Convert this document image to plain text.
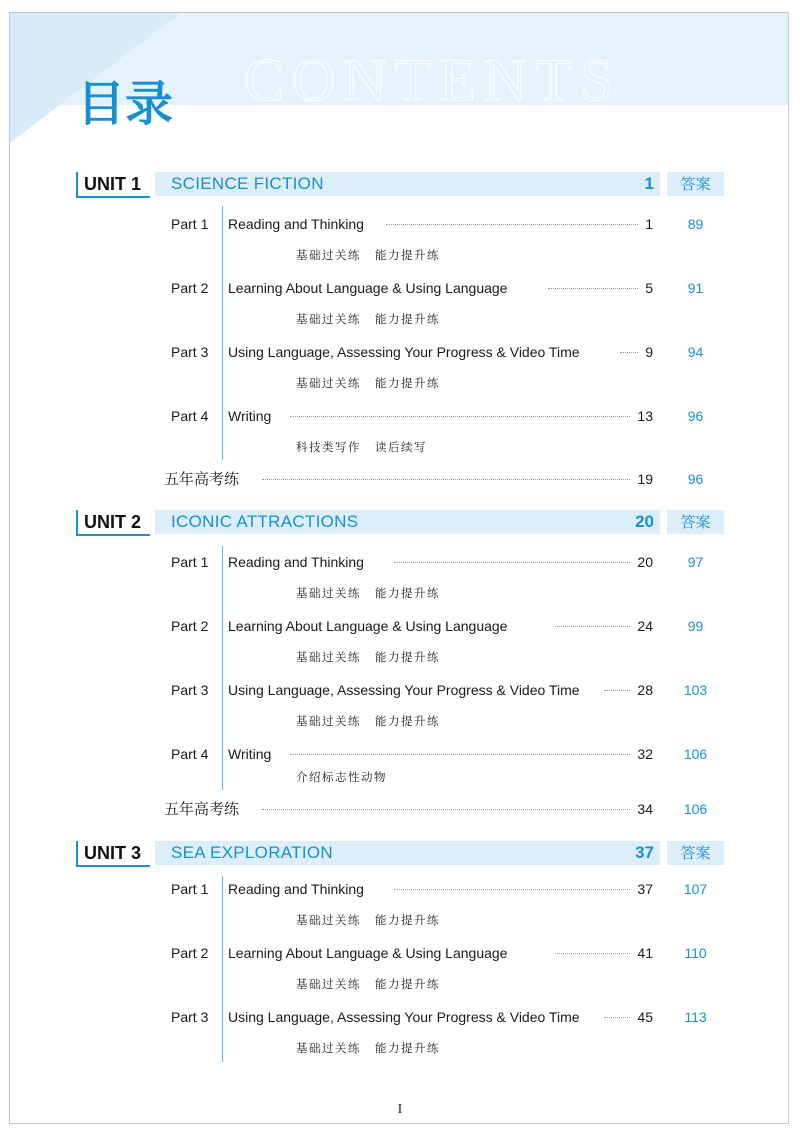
CONTENTS
目录
UNIT 1 SCIENCE FICTION	1	答案
Part 1 Reading and Thinking	1	89
基础过关练 能力提升练
Part 2 Learning About Language & Using Language	5	91
基础过关练 能力提升练
Part 3 Using Language, Assessing Your Progress & Video Time	9	94
基础过关练 能力提升练
Part 4 Writing	13	96
科技类写作 读后续写
五年高考练	19	96
UNIT 2 ICONIC ATTRACTIONS	20	答案
Part 1 Reading and Thinking	20	97
基础过关练 能力提升练
Part 2 Learning About Language & Using Language	24	99
基础过关练 能力提升练
Part 3 Using Language, Assessing Your Progress & Video Time	28	103
基础过关练 能力提升练
Part 4 Writing	32	106
介绍标志性动物
五年高考练	34	106
UNIT 3 SEA EXPLORATION	37	答案
Part 1 Reading and Thinking	37	107
基础过关练 能力提升练
Part 2 Learning About Language & Using Language	41	110
基础过关练 能力提升练
Part 3 Using Language, Assessing Your Progress & Video Time	45	113
基础过关练 能力提升练
I
